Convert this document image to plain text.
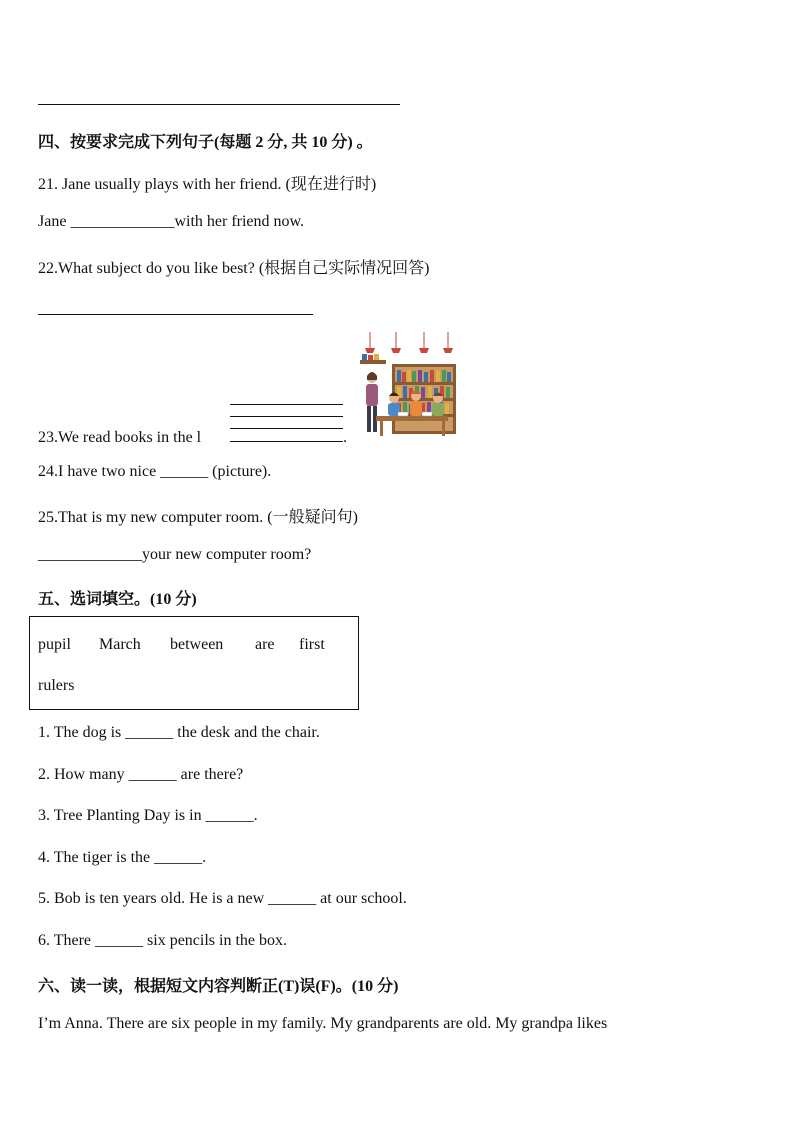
四、按要求完成下列句子(每题 2 分, 共 10 分) 。
21. Jane usually plays with her friend. (现在进行时)
Jane _____________with her friend now.
22.What subject do you like best? (根据自己实际情况回答)
23.We read books in the l	.
24.I have two nice ______ (picture).
25.That is my new computer room. (一般疑问句)
_____________your new computer room?
五、选词填空。(10 分)
pupil March between are first
rulers
1. The dog is ______ the desk and the chair.
2. How many ______ are there?
3. Tree Planting Day is in ______.
4. The tiger is the ______.
5. Bob is ten years old. He is a new ______ at our school.
6. There ______ six pencils in the box.
六、读一读，根据短文内容判断正(T)误(F)。(10 分)
I’m Anna. There are six people in my family. My grandparents are old. My grandpa likes
